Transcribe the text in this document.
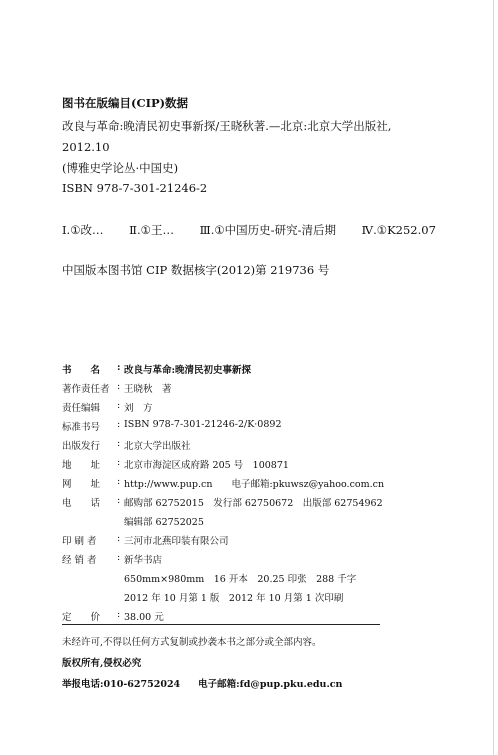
图书在版编目(CIP)数据
改良与革命:晚清民初史事新探/王晓秋著.—北京:北京大学出版社,
2012.10
(博雅史学论丛·中国史)
ISBN 978-7-301-21246-2
Ⅰ.①改… Ⅱ.①王… Ⅲ.①中国历史-研究-清后期 Ⅳ.①K252.07
中国版本图书馆 CIP 数据核字(2012)第 219736 号
书　　名	: 改良与革命:晚清民初史事新探
著作责任者 : 王晓秋　著
责任编辑	: 刘　方
标准书号	: ISBN 978-7-301-21246-2/K·0892
出版发行	: 北京大学出版社
地　　址	: 北京市海淀区成府路 205 号　100871
网　　址	: http://www.pup.cn　　电子邮箱:pkuwsz@yahoo.com.cn
电　　话	: 邮购部 62752015　发行部 62750672　出版部 62754962
编辑部 62752025
印 刷 者	: 三河市北燕印装有限公司
经 销 者	: 新华书店
650mm×980mm　16 开本　20.25 印张　288 千字
2012 年 10 月第 1 版　2012 年 10 月第 1 次印刷
定　　价	: 38.00 元
未经许可,不得以任何方式复制或抄袭本书之部分或全部内容。
版权所有,侵权必究
举报电话:010-62752024 电子邮箱:fd@pup.pku.edu.cn
